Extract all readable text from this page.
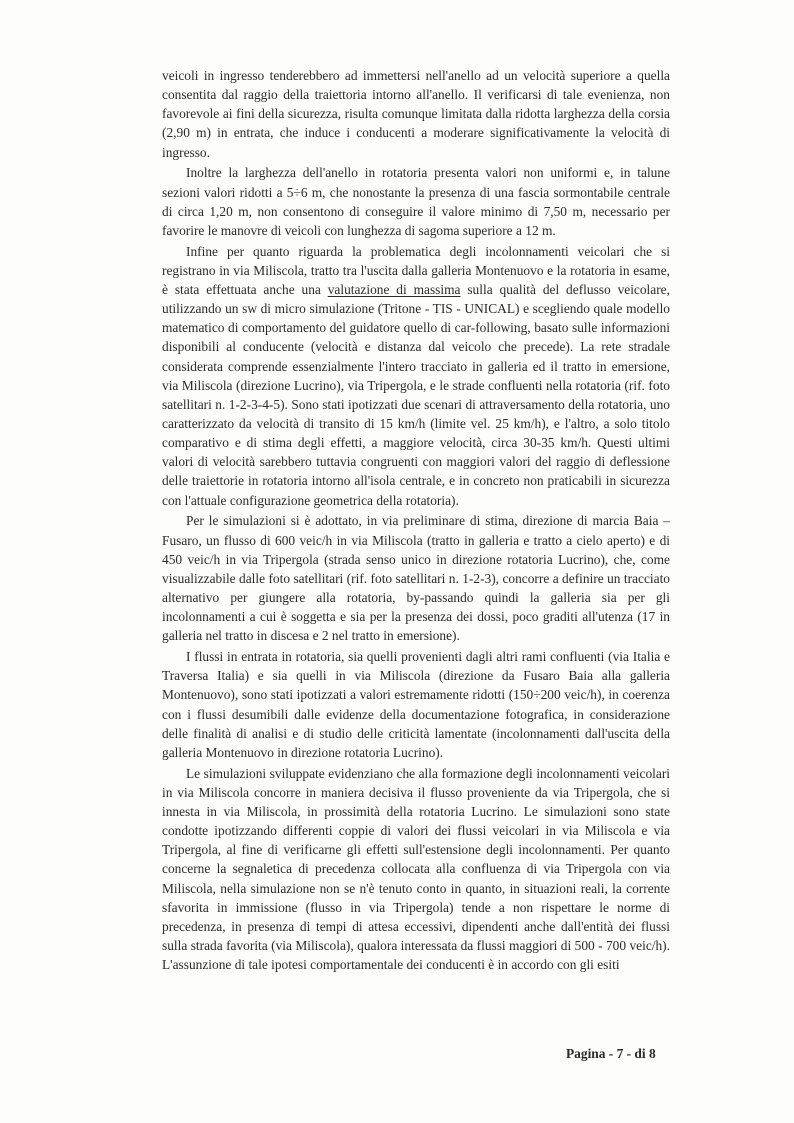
veicoli in ingresso tenderebbero ad immettersi nell'anello ad un velocità superiore a quella consentita dal raggio della traiettoria intorno all'anello. Il verificarsi di tale evenienza, non favorevole ai fini della sicurezza, risulta comunque limitata dalla ridotta larghezza della corsia (2,90 m) in entrata, che induce i conducenti a moderare significativamente la velocità di ingresso.

Inoltre la larghezza dell'anello in rotatoria presenta valori non uniformi e, in talune sezioni valori ridotti a 5÷6 m, che nonostante la presenza di una fascia sormontabile centrale di circa 1,20 m, non consentono di conseguire il valore minimo di 7,50 m, necessario per favorire le manovre di veicoli con lunghezza di sagoma superiore a 12 m.

Infine per quanto riguarda la problematica degli incolonnamenti veicolari che si registrano in via Miliscola, tratto tra l'uscita dalla galleria Montenuovo e la rotatoria in esame, è stata effettuata anche una valutazione di massima sulla qualità del deflusso veicolare, utilizzando un sw di micro simulazione (Tritone - TIS - UNICAL) e scegliendo quale modello matematico di comportamento del guidatore quello di car-following, basato sulle informazioni disponibili al conducente (velocità e distanza dal veicolo che precede). La rete stradale considerata comprende essenzialmente l'intero tracciato in galleria ed il tratto in emersione, via Miliscola (direzione Lucrino), via Tripergola, e le strade confluenti nella rotatoria (rif. foto satellitari n. 1-2-3-4-5). Sono stati ipotizzati due scenari di attraversamento della rotatoria, uno caratterizzato da velocità di transito di 15 km/h (limite vel. 25 km/h), e l'altro, a solo titolo comparativo e di stima degli effetti, a maggiore velocità, circa 30-35 km/h. Questi ultimi valori di velocità sarebbero tuttavia congruenti con maggiori valori del raggio di deflessione delle traiettorie in rotatoria intorno all'isola centrale, e in concreto non praticabili in sicurezza con l'attuale configurazione geometrica della rotatoria).

Per le simulazioni si è adottato, in via preliminare di stima, direzione di marcia Baia – Fusaro, un flusso di 600 veic/h in via Miliscola (tratto in galleria e tratto a cielo aperto) e di 450 veic/h in via Tripergola (strada senso unico in direzione rotatoria Lucrino), che, come visualizzabile dalle foto satellitari (rif. foto satellitari n. 1-2-3), concorre a definire un tracciato alternativo per giungere alla rotatoria, by-passando quindi la galleria sia per gli incolonnamenti a cui è soggetta e sia per la presenza dei dossi, poco graditi all'utenza (17 in galleria nel tratto in discesa e 2 nel tratto in emersione).

I flussi in entrata in rotatoria, sia quelli provenienti dagli altri rami confluenti (via Italia e Traversa Italia) e sia quelli in via Miliscola (direzione da Fusaro Baia alla galleria Montenuovo), sono stati ipotizzati a valori estremamente ridotti (150÷200 veic/h), in coerenza con i flussi desumibili dalle evidenze della documentazione fotografica, in considerazione delle finalità di analisi e di studio delle criticità lamentate (incolonnamenti dall'uscita della galleria Montenuovo in direzione rotatoria Lucrino).

Le simulazioni sviluppate evidenziano che alla formazione degli incolonnamenti veicolari in via Miliscola concorre in maniera decisiva il flusso proveniente da via Tripergola, che si innesta in via Miliscola, in prossimità della rotatoria Lucrino. Le simulazioni sono state condotte ipotizzando differenti coppie di valori dei flussi veicolari in via Miliscola e via Tripergola, al fine di verificarne gli effetti sull'estensione degli incolonnamenti. Per quanto concerne la segnaletica di precedenza collocata alla confluenza di via Tripergola con via Miliscola, nella simulazione non se n'è tenuto conto in quanto, in situazioni reali, la corrente sfavorita in immissione (flusso in via Tripergola) tende a non rispettare le norme di precedenza, in presenza di tempi di attesa eccessivi, dipendenti anche dall'entità dei flussi sulla strada favorita (via Miliscola), qualora interessata da flussi maggiori di 500 - 700 veic/h). L'assunzione di tale ipotesi comportamentale dei conducenti è in accordo con gli esiti

Pagina - 7 - di 8
